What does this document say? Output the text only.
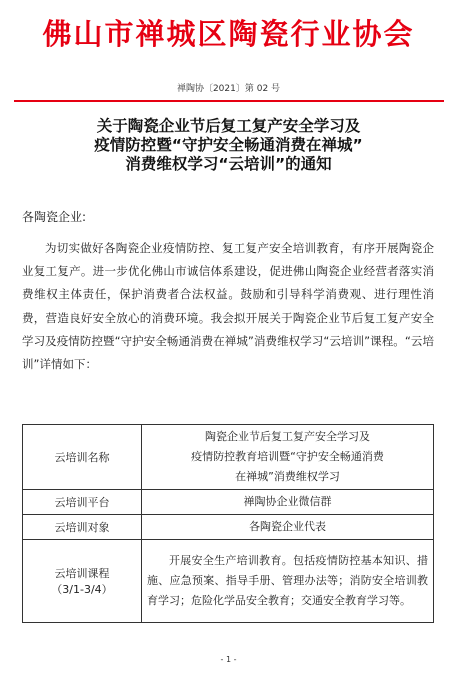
佛山市禅城区陶瓷行业协会
禅陶协〔2021〕第 02 号
关于陶瓷企业节后复工复产安全学习及
疫情防控暨“守护安全畅通消费在禅城”
消费维权学习“云培训”的通知
各陶瓷企业:
为切实做好各陶瓷企业疫情防控、复工复产安全培训教育，有序开展陶瓷企业复工复产。进一步优化佛山市诚信体系建设，促进佛山陶瓷企业经营者落实消费维权主体责任，保护消费者合法权益。鼓励和引导科学消费观、进行理性消费，营造良好安全放心的消费环境。我会拟开展关于陶瓷企业节后复工复产安全学习及疫情防控暨“守护安全畅通消费在禅城”消费维权学习“云培训”课程。“云培训”详情如下：
云培训名称	陶瓷企业节后复工复产安全学习及
疫情防控教育培训暨“守护安全畅通消费
在禅城”消费维权学习

云培训平台	禅陶协企业微信群
云培训对象	各陶瓷企业代表

云培训课程
（3/1-3/4）	开展安全生产培训教育。包括疫情防控基本知识、措施、应急预案、指导手册、管理办法等；消防安全培训教育学习；危险化学品安全教育；交通安全教育学习等。
- 1 -
